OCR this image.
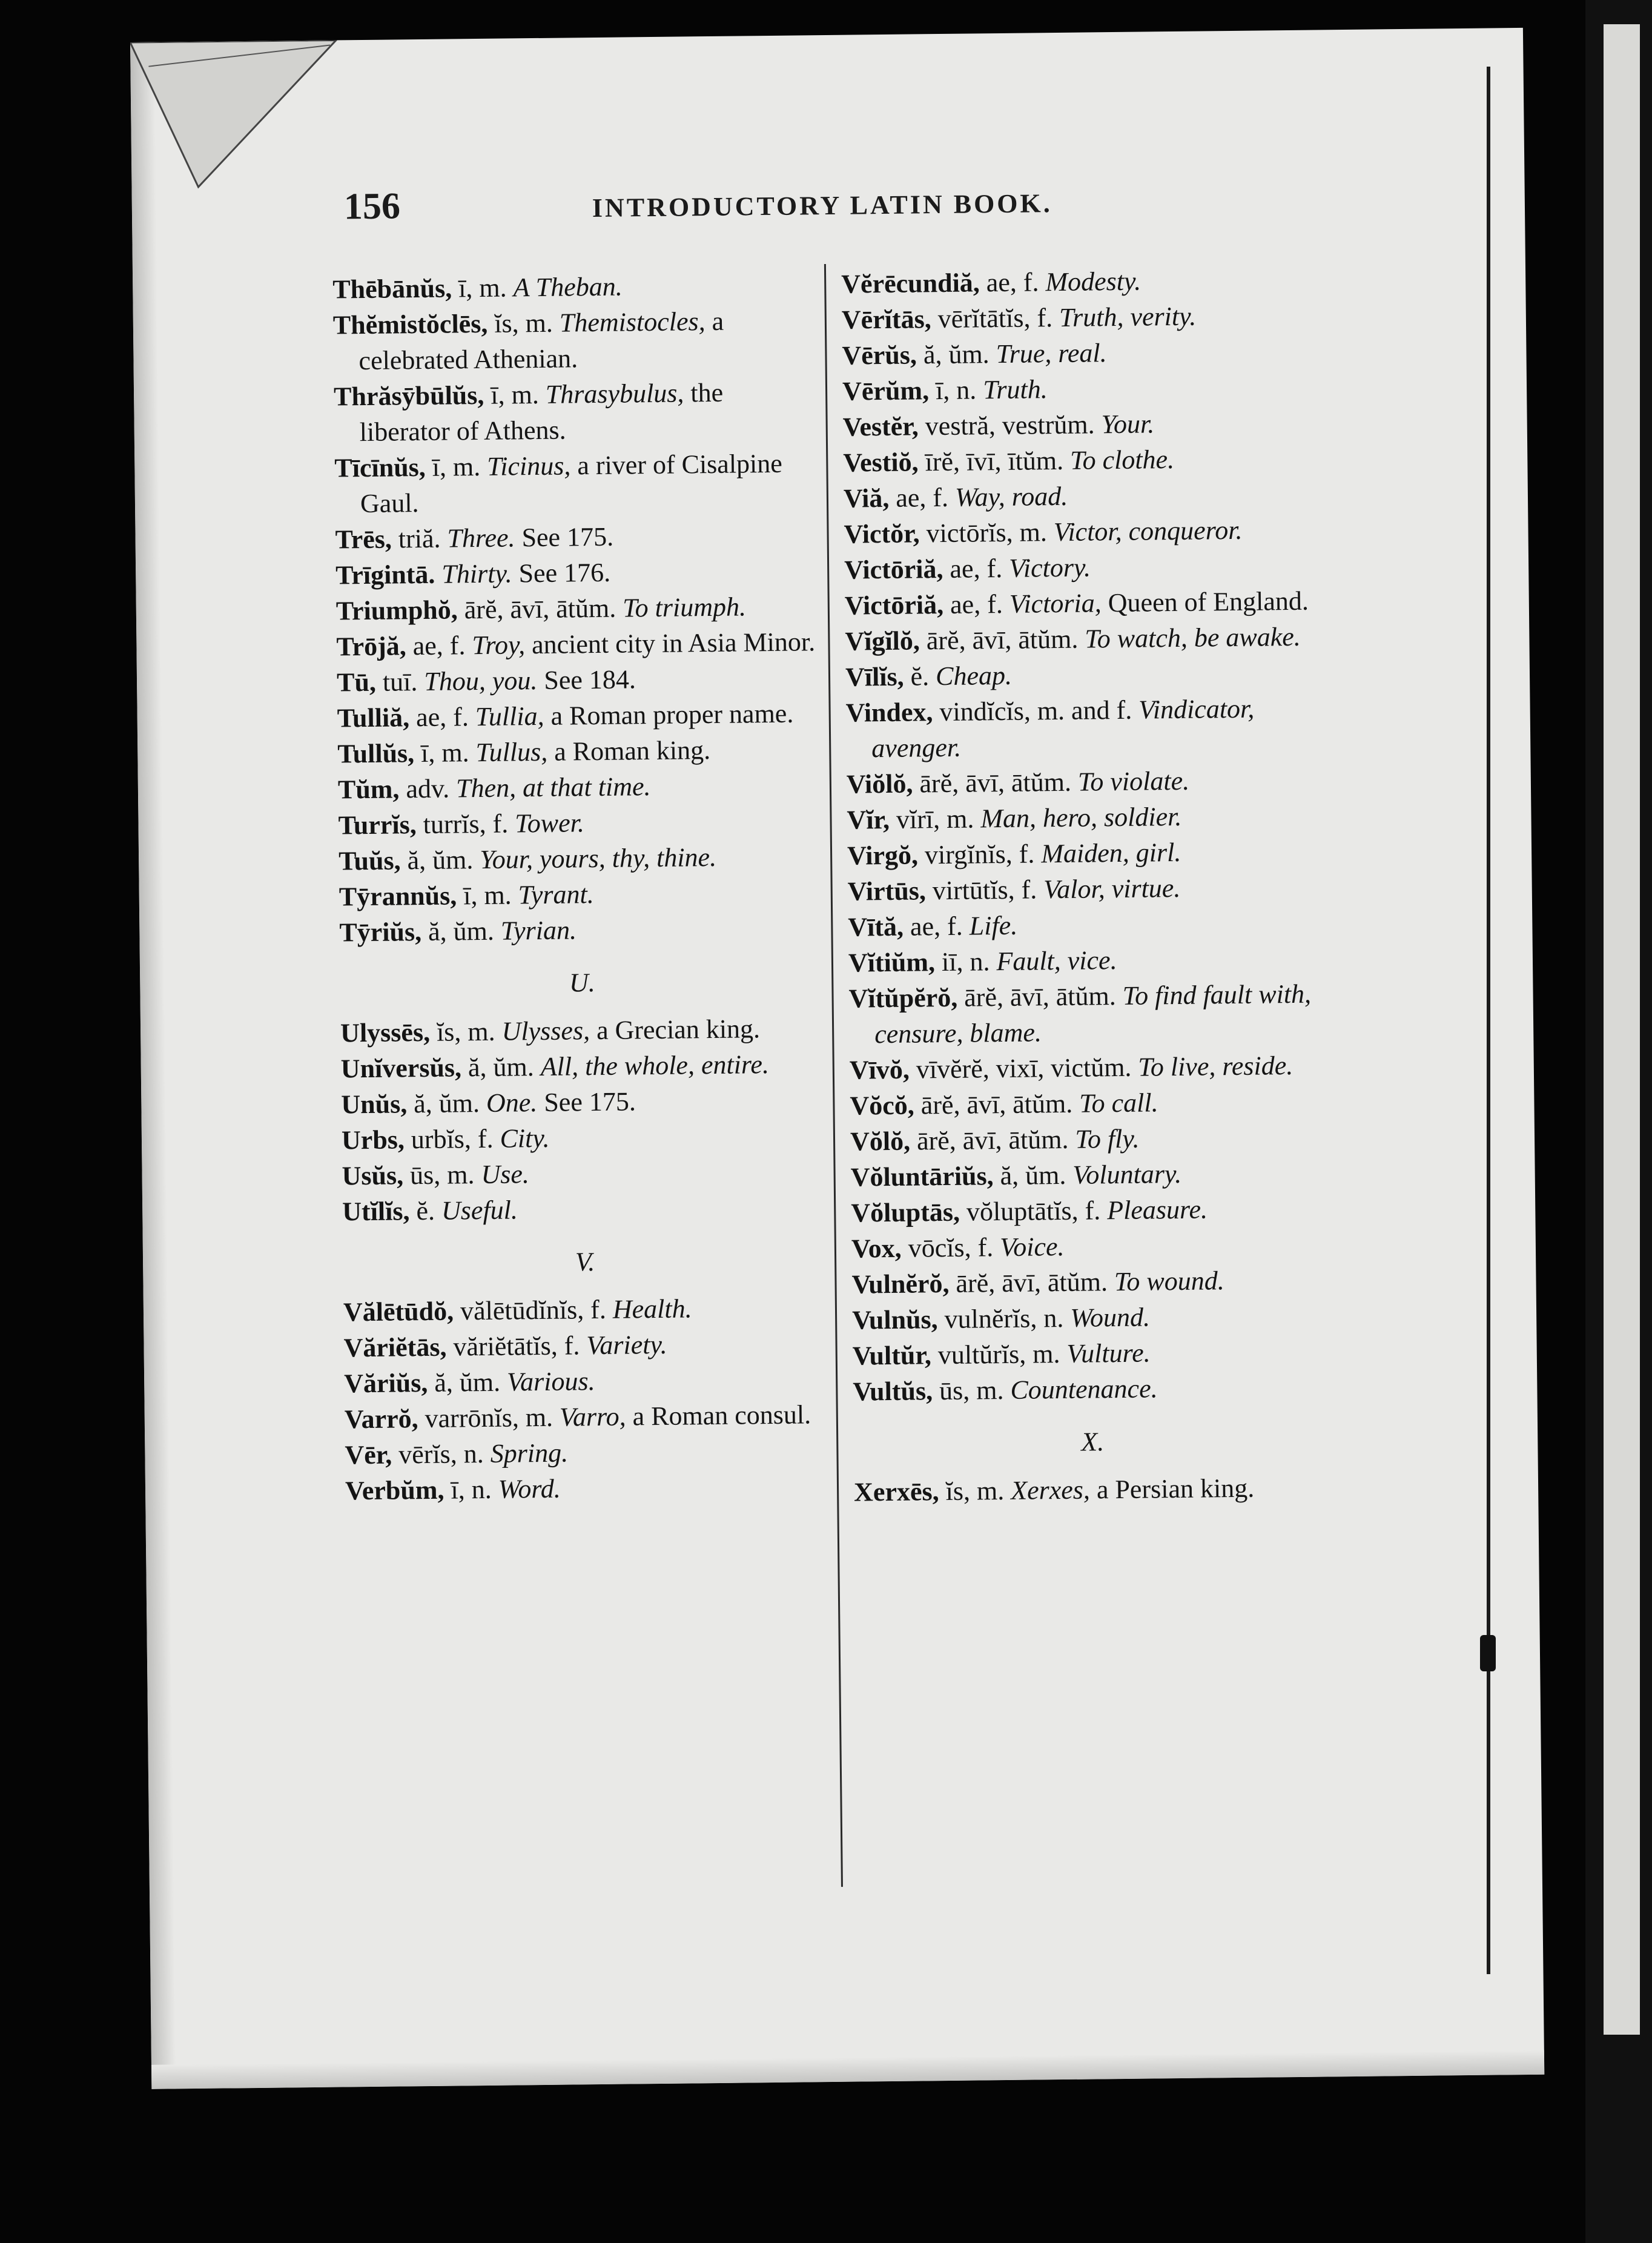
156	INTRODUCTORY LATIN BOOK.

Thēbānŭs, ī, m. A Theban.

Thĕmistŏclēs, ĭs, m. Themistocles, a celebrated Athenian.

Thrăsȳbūlŭs, ī, m. Thrasybulus, the liberator of Athens.

Tīcīnŭs, ī, m. Ticinus, a river of Cisalpine Gaul.

Trēs, triă. Three. See 175.

Trīgintā. Thirty. See 176.

Triumphŏ, ārĕ, āvī, ātŭm. To triumph.

Trōjă, ae, f. Troy, ancient city in Asia Minor.

Tū, tuī. Thou, you. See 184.

Tulliă, ae, f. Tullia, a Roman proper name.

Tullŭs, ī, m. Tullus, a Roman king.

Tŭm, adv. Then, at that time.

Turrĭs, turrĭs, f. Tower.

Tuŭs, ă, ŭm. Your, yours, thy, thine.

Tȳrannŭs, ī, m. Tyrant.

Tȳriŭs, ă, ŭm. Tyrian.

U.

Ulyssēs, ĭs, m. Ulysses, a Grecian king.

Unĭversŭs, ă, ŭm. All, the whole, entire.

Unŭs, ă, ŭm. One. See 175.

Urbs, urbĭs, f. City.

Usŭs, ūs, m. Use.

Utĭlĭs, ĕ. Useful.

V.

Vălētūdŏ, vălētūdĭnĭs, f. Health.

Văriĕtās, văriĕtātĭs, f. Variety.

Văriŭs, ă, ŭm. Various.

Varrŏ, varrōnĭs, m. Varro, a Roman consul.

Vēr, vērĭs, n. Spring.

Verbŭm, ī, n. Word.

Vĕrēcundiă, ae, f. Modesty.

Vērĭtās, vērĭtātĭs, f. Truth, verity.

Vērŭs, ă, ŭm. True, real.

Vērŭm, ī, n. Truth.

Vestĕr, vestră, vestrŭm. Your.

Vestiŏ, īrĕ, īvī, ītŭm. To clothe.

Viă, ae, f. Way, road.

Victŏr, victōrĭs, m. Victor, conqueror.

Victōriă, ae, f. Victory.

Victōriă, ae, f. Victoria, Queen of England.

Vĭgĭlŏ, ārĕ, āvī, ātŭm. To watch, be awake.

Vīlĭs, ĕ. Cheap.

Vindex, vindĭcĭs, m. and f. Vindicator, avenger.

Viŏlŏ, ārĕ, āvī, ātŭm. To violate.

Vĭr, vĭrī, m. Man, hero, soldier.

Virgŏ, virgĭnĭs, f. Maiden, girl.

Virtūs, virtūtĭs, f. Valor, virtue.

Vītă, ae, f. Life.

Vĭtiŭm, iī, n. Fault, vice.

Vĭtŭpĕrŏ, ārĕ, āvī, ātŭm. To find fault with, censure, blame.

Vīvŏ, vīvĕrĕ, vixī, victŭm. To live, reside.

Vŏcŏ, ārĕ, āvī, ātŭm. To call.

Vŏlŏ, ārĕ, āvī, ātŭm. To fly.

Vŏluntāriŭs, ă, ŭm. Voluntary.

Vŏluptās, vŏluptātĭs, f. Pleasure.

Vox, vōcĭs, f. Voice.

Vulnĕrŏ, ārĕ, āvī, ātŭm. To wound.

Vulnŭs, vulnĕrĭs, n. Wound.

Vultŭr, vultŭrĭs, m. Vulture.

Vultŭs, ūs, m. Countenance.

X.

Xerxēs, ĭs, m. Xerxes, a Persian king.
